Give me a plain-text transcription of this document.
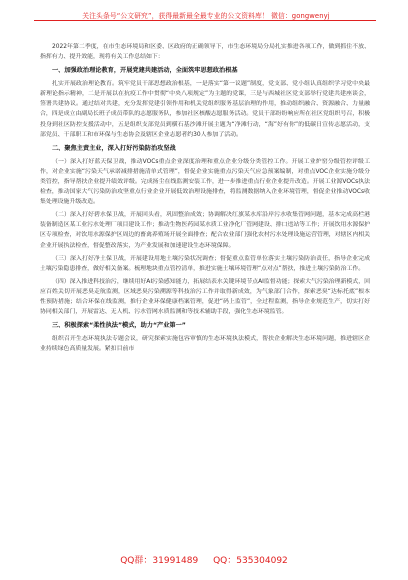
关注头条号“公文研究”，获得最新最全最专业的公文资料库！ 微信：gongwenyj

2022年第二季度，在市生态环境局和区委、区政府的正确领导下，市生态环境局分局扎实推进各项工作，做到抓住不放、指挥有力、提升效能，现将有关工作总结如下：

一、加强政治理论教育，开展党建共建活动，全面筑牢思想政治根基

扎实开展政治理论教育。筑牢党员干部思想政治根基，一是落实“第一议题”制度，党支部、党小组认真组织学习党中央最新理论指示精神，二是开展以在抗疫工作中贯彻“中央八项规定”为主题的党课，三是与西城社区党支部举行党建共建座谈会，签署共建协议。通过结对共建，充分发挥党建引领作用和机关党组织服务基层治理的作用，推动组织融合、资源融合、力量融合，四是成立由副局长班子成员带队的志愿服务队，参加社区核酸志愿服务活动。党员干部纷纷响应所在社区党组织号召，积极投身到社区防控支援活动中，五是组织支部党员到横石基沙滩开展主题为“净滩行动，“海”好有你”的低碳日宣传志愿活动，支部党员、干部职工和市环保与生态协会及辖区企业志愿者约30人参加了活动。

二、聚焦主责主业，深入打好污染防治攻坚战

（一）深入打好蓝天保卫战，推动VOCs重点企业深度治理和重点企业分级分类管控工作。开展工业炉窑分级管控评级工作，对企业实施“污染天气承诺减排措施清单式管理”，督促企业实施重点污染天气应急预案编制，对重点VOC企业实施分级分类管控，指导帮扶企业提升绩效评级。完成扬尘在线监测安装工作，进一步推进重点行业企业提升改造。开展工业源VOCs执法检查，推动国家大气污染防治攻坚重点行业企业开展低效治理设施排查，将监测数据纳入企业环境管理，督促企业推动VOCs收集处理设施升级改造。

（二）深入打好碧水保卫战，开展回头看，巩固整治成效；协调解决红旗某水库沿岸污水收集管网问题，基本完成高栏港装备制造区某工业污水处理厂项目建设工作；推动生物医药园某水质工业净化厂管网建设、排口违站等工作；开展饮用水源保护区专项检查，对饮用水源保护区周边的畜禽养殖场开展全面排查；配合农业部门强化农村污水处理设施运营管理，对辖区内相关企业开展执法检查，督促整改落实，为产业发展和加速建设生态环境保障。

（三）深入打好净土保卫战，开展建设用地土壤污染状况调查；督促重点监管单位落实土壤污染防治责任，指导企业完成土壤污染隐患排查，做好相关备案。梳理地块重点管控清单，推进实施土壤环境管理“点对点”帮扶，推进土壤污染防治工作。

（四）深入推进科技治污，继续用好AI污染感知能力，拓展结表水关键环境节点AI监督功能；探索大气污染治理新模式，回应百姓关切开展恶臭走航监测，区域恶臭污染溯源等科技治污工作并取得新成效，为气象部门合作，探索恶臭“达标托底”根本性预防措施；结合环保在线监测，推行企业环保健康档案管理，促进“码上监管”，全过程监测，指导企业规范生产，切实打好协同相关部门，开展雷达、无人机、污水管网水质监测和等技术辅助手段，强化生态环境监管。

三、积极探索“柔性执法”模式，助力“产业第一”

组织召开生态环境执法专题会议，研究探索实施包容审慎的生态环境执法模式，帮扶企业解决生态环境问题，推进辖区企业持续绿色高质量发展。紧扣目前市

QQ群：31991489 QQ：535304092
